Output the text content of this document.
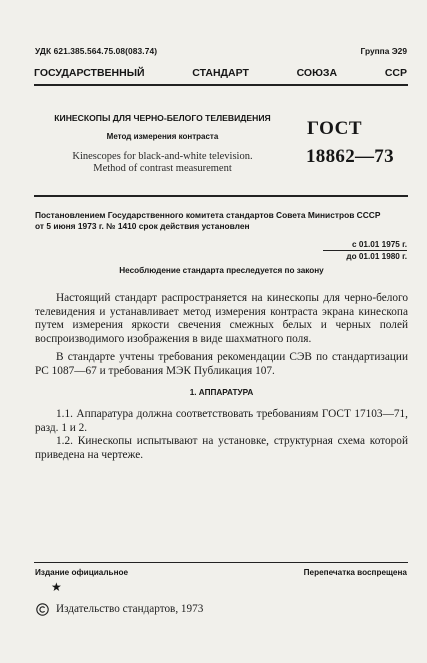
УДК 621.385.564.75.08(083.74)	Группа Э29
ГОСУДАРСТВЕННЫЙ	СТАНДАРТ	СОЮЗА	ССР
КИНЕСКОПЫ ДЛЯ ЧЕРНО-БЕЛОГО ТЕЛЕВИДЕНИЯ
Метод измерения контраста
Kinescopes for black-and-white television.
Method of contrast measurement
ГОСТ
18862—73
Постановлением Государственного комитета стандартов Совета Министров СССР
от 5 июня 1973 г. № 1410 срок действия установлен
с 01.01 1975 г.
до 01.01 1980 г.
Несоблюдение стандарта преследуется по закону

Настоящий стандарт распространяется на кинескопы для черно-белого телевидения и устанавливает метод измерения контраста экрана кинескопа путем измерения яркости свечения смежных белых и черных полей воспроизводимого изображения в виде шахматного поля.

В стандарте учтены требования рекомендации СЭВ по стандартизации PC 1087—67 и требования МЭК Публикация 107.

1. АППАРАТУРА

1.1. Аппаратура должна соответствовать требованиям ГОСТ 17103—71, разд. 1 и 2.

1.2. Кинескопы испытывают на установке, структурная схема которой приведена на чертеже.

Издание официальное	Перепечатка воспрещена
★
Издательство стандартов, 1973
